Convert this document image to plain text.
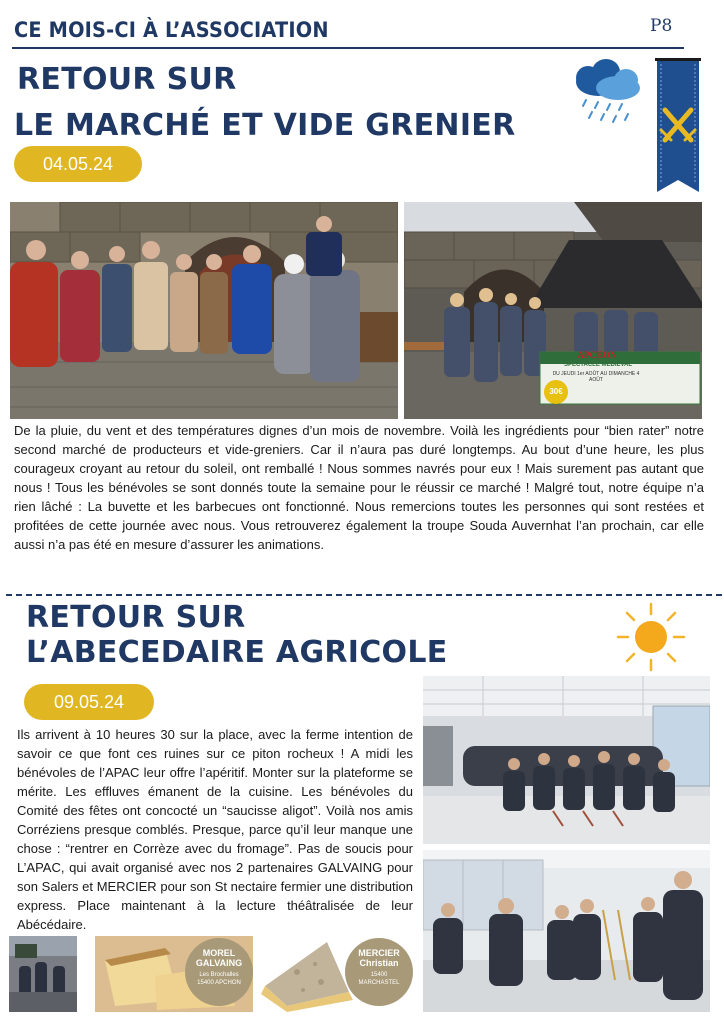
CE MOIS-CI À L’ASSOCIATION	P8
RETOUR SUR
LE MARCHÉ ET VIDE GRENIER
04.05.24
APCHON
SPECTACLE MEDIEVAL
DU JEUDI 1er AOÛT AU DIMANCHE 4 AOÛT
30€
De la pluie, du vent et des températures dignes d’un mois de novembre. Voilà les ingrédients pour “bien rater” notre second marché de producteurs et vide-greniers. Car il n’aura pas duré longtemps. Au bout d’une heure, les plus courageux croyant au retour du soleil, ont remballé ! Nous sommes navrés pour eux ! Mais surement pas autant que nous ! Tous les bénévoles se sont donnés toute la semaine pour le réussir ce marché ! Malgré tout, notre équipe n’a rien lâché : La buvette et les barbecues ont fonctionné. Nous remercions toutes les personnes qui sont restées et profitées de cette journée avec nous. Vous retrouverez également la troupe Souda Auvernhat l’an prochain, car elle aussi n’a pas été en mesure d’assurer les animations.
RETOUR SUR
L’ABECEDAIRE AGRICOLE
09.05.24
Ils arrivent à 10 heures 30 sur la place, avec la ferme intention de savoir ce que font ces ruines sur ce piton rocheux ! A midi les bénévoles de l’APAC leur offre l’apéritif. Monter sur la plateforme se mérite. Les effluves émanent de la cuisine. Les bénévoles du Comité des fêtes ont concocté un “saucisse aligot”. Voilà nos amis Corréziens presque comblés. Presque, parce qu’il leur manque une chose : “rentrer en Corrèze avec du fromage”. Pas de soucis pour L’APAC, qui avait organisé avec nos 2 partenaires GALVAING pour son Salers et MERCIER pour son St nectaire fermier une distribution express. Place maintenant à la lecture théâtralisée de leur Abécédaire.
MOREL
GALVAING
Les Brochalles
15400 APCHON
MERCIER
Christian
15400
MARCHASTEL
